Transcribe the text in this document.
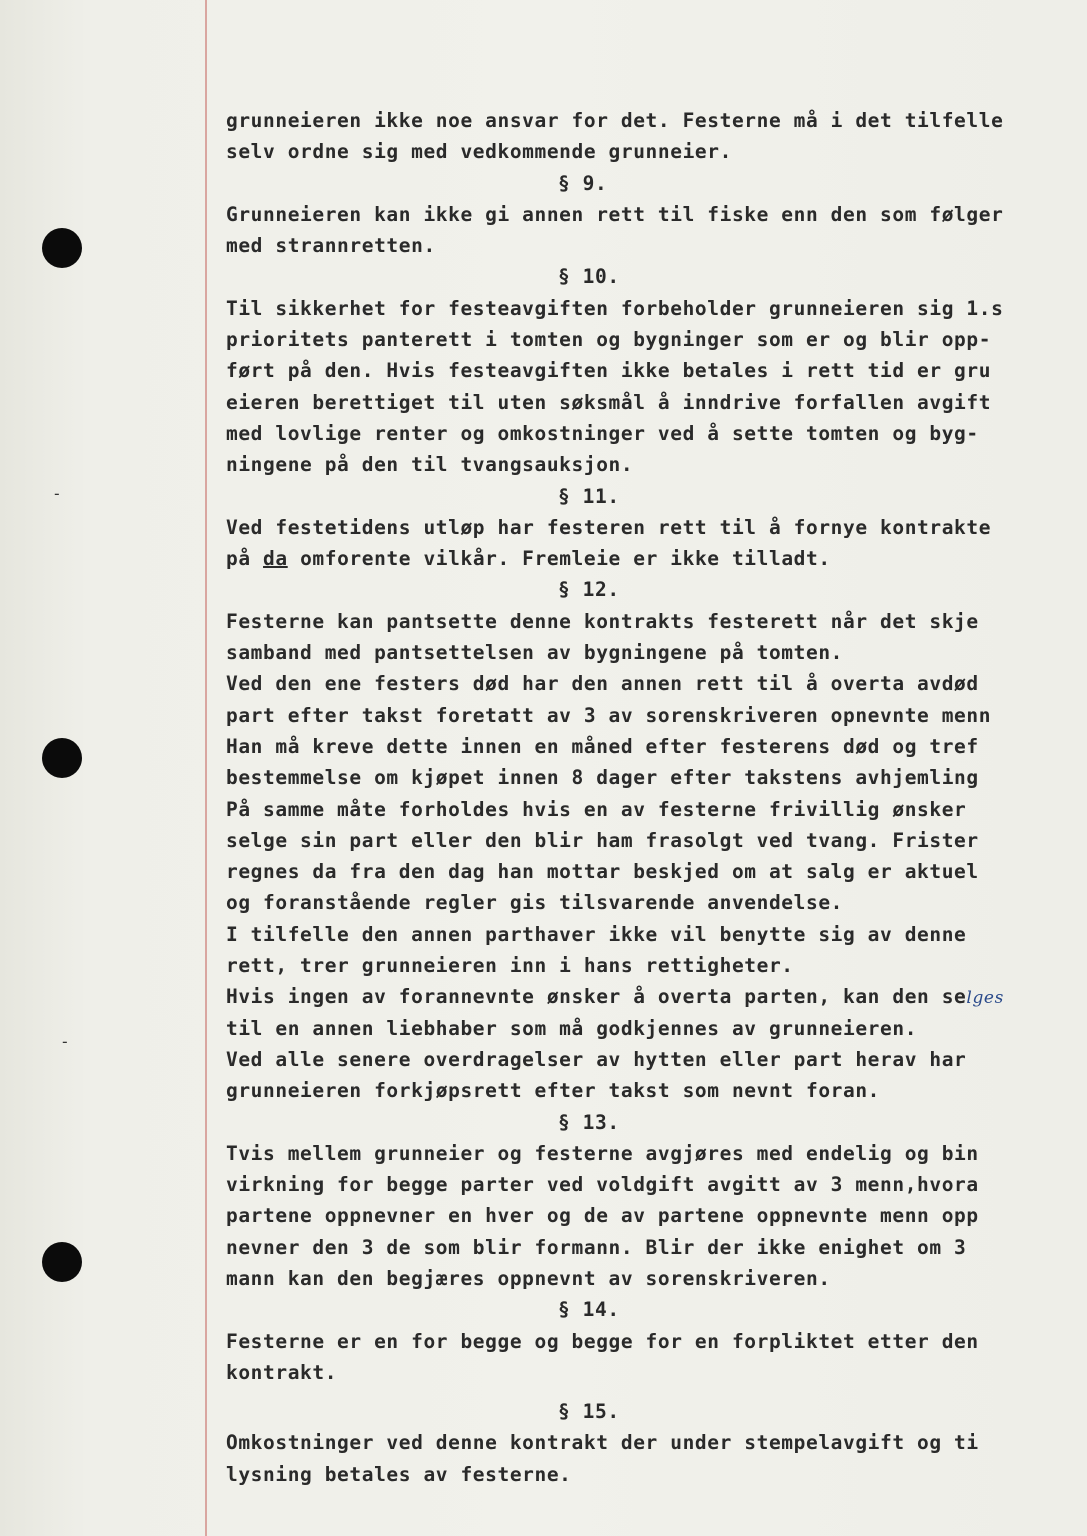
-
-
grunneieren ikke noe ansvar for det. Festerne må i det tilfelle
selv ordne sig med vedkommende grunneier.
§ 9.
Grunneieren kan ikke gi annen rett til fiske enn den som følger
med strannretten.
§ 10.
Til sikkerhet for festeavgiften forbeholder grunneieren sig 1.s
prioritets panterett i tomten og bygninger som er og blir opp-
ført på den. Hvis festeavgiften ikke betales i rett tid er gru
eieren berettiget til uten søksmål å inndrive forfallen avgift
med lovlige renter og omkostninger ved å sette tomten og byg-
ningene på den til tvangsauksjon.
§ 11.
Ved festetidens utløp har festeren rett til å fornye kontrakte
på da omforente vilkår. Fremleie er ikke tilladt.
§ 12.
Festerne kan pantsette denne kontrakts festerett når det skje
samband med pantsettelsen av bygningene på tomten.
Ved den ene festers død har den annen rett til å overta avdød
part efter takst foretatt av 3 av sorenskriveren opnevnte menn
Han må kreve dette innen en måned efter festerens død og tref
bestemmelse om kjøpet innen 8 dager efter takstens avhjemling
På samme måte forholdes hvis en av festerne frivillig ønsker
selge sin part eller den blir ham frasolgt ved tvang. Frister
regnes da fra den dag han mottar beskjed om at salg er aktuel
og foranstående regler gis tilsvarende anvendelse.
I tilfelle den annen parthaver ikke vil benytte sig av denne
rett, trer grunneieren inn i hans rettigheter.
Hvis ingen av forannevnte ønsker å overta parten, kan den selges
til en annen liebhaber som må godkjennes av grunneieren.
Ved alle senere overdragelser av hytten eller part herav har
grunneieren forkjøpsrett efter takst som nevnt foran.
§ 13.
Tvis mellem grunneier og festerne avgjøres med endelig og bin
virkning for begge parter ved voldgift avgitt av 3 menn,hvora
partene oppnevner en hver og de av partene oppnevnte menn opp
nevner den 3 de som blir formann. Blir der ikke enighet om 3
mann kan den begjæres oppnevnt av sorenskriveren.
§ 14.
Festerne er en for begge og begge for en forpliktet etter den
kontrakt.
§ 15.
Omkostninger ved denne kontrakt der under stempelavgift og ti
lysning betales av festerne.
